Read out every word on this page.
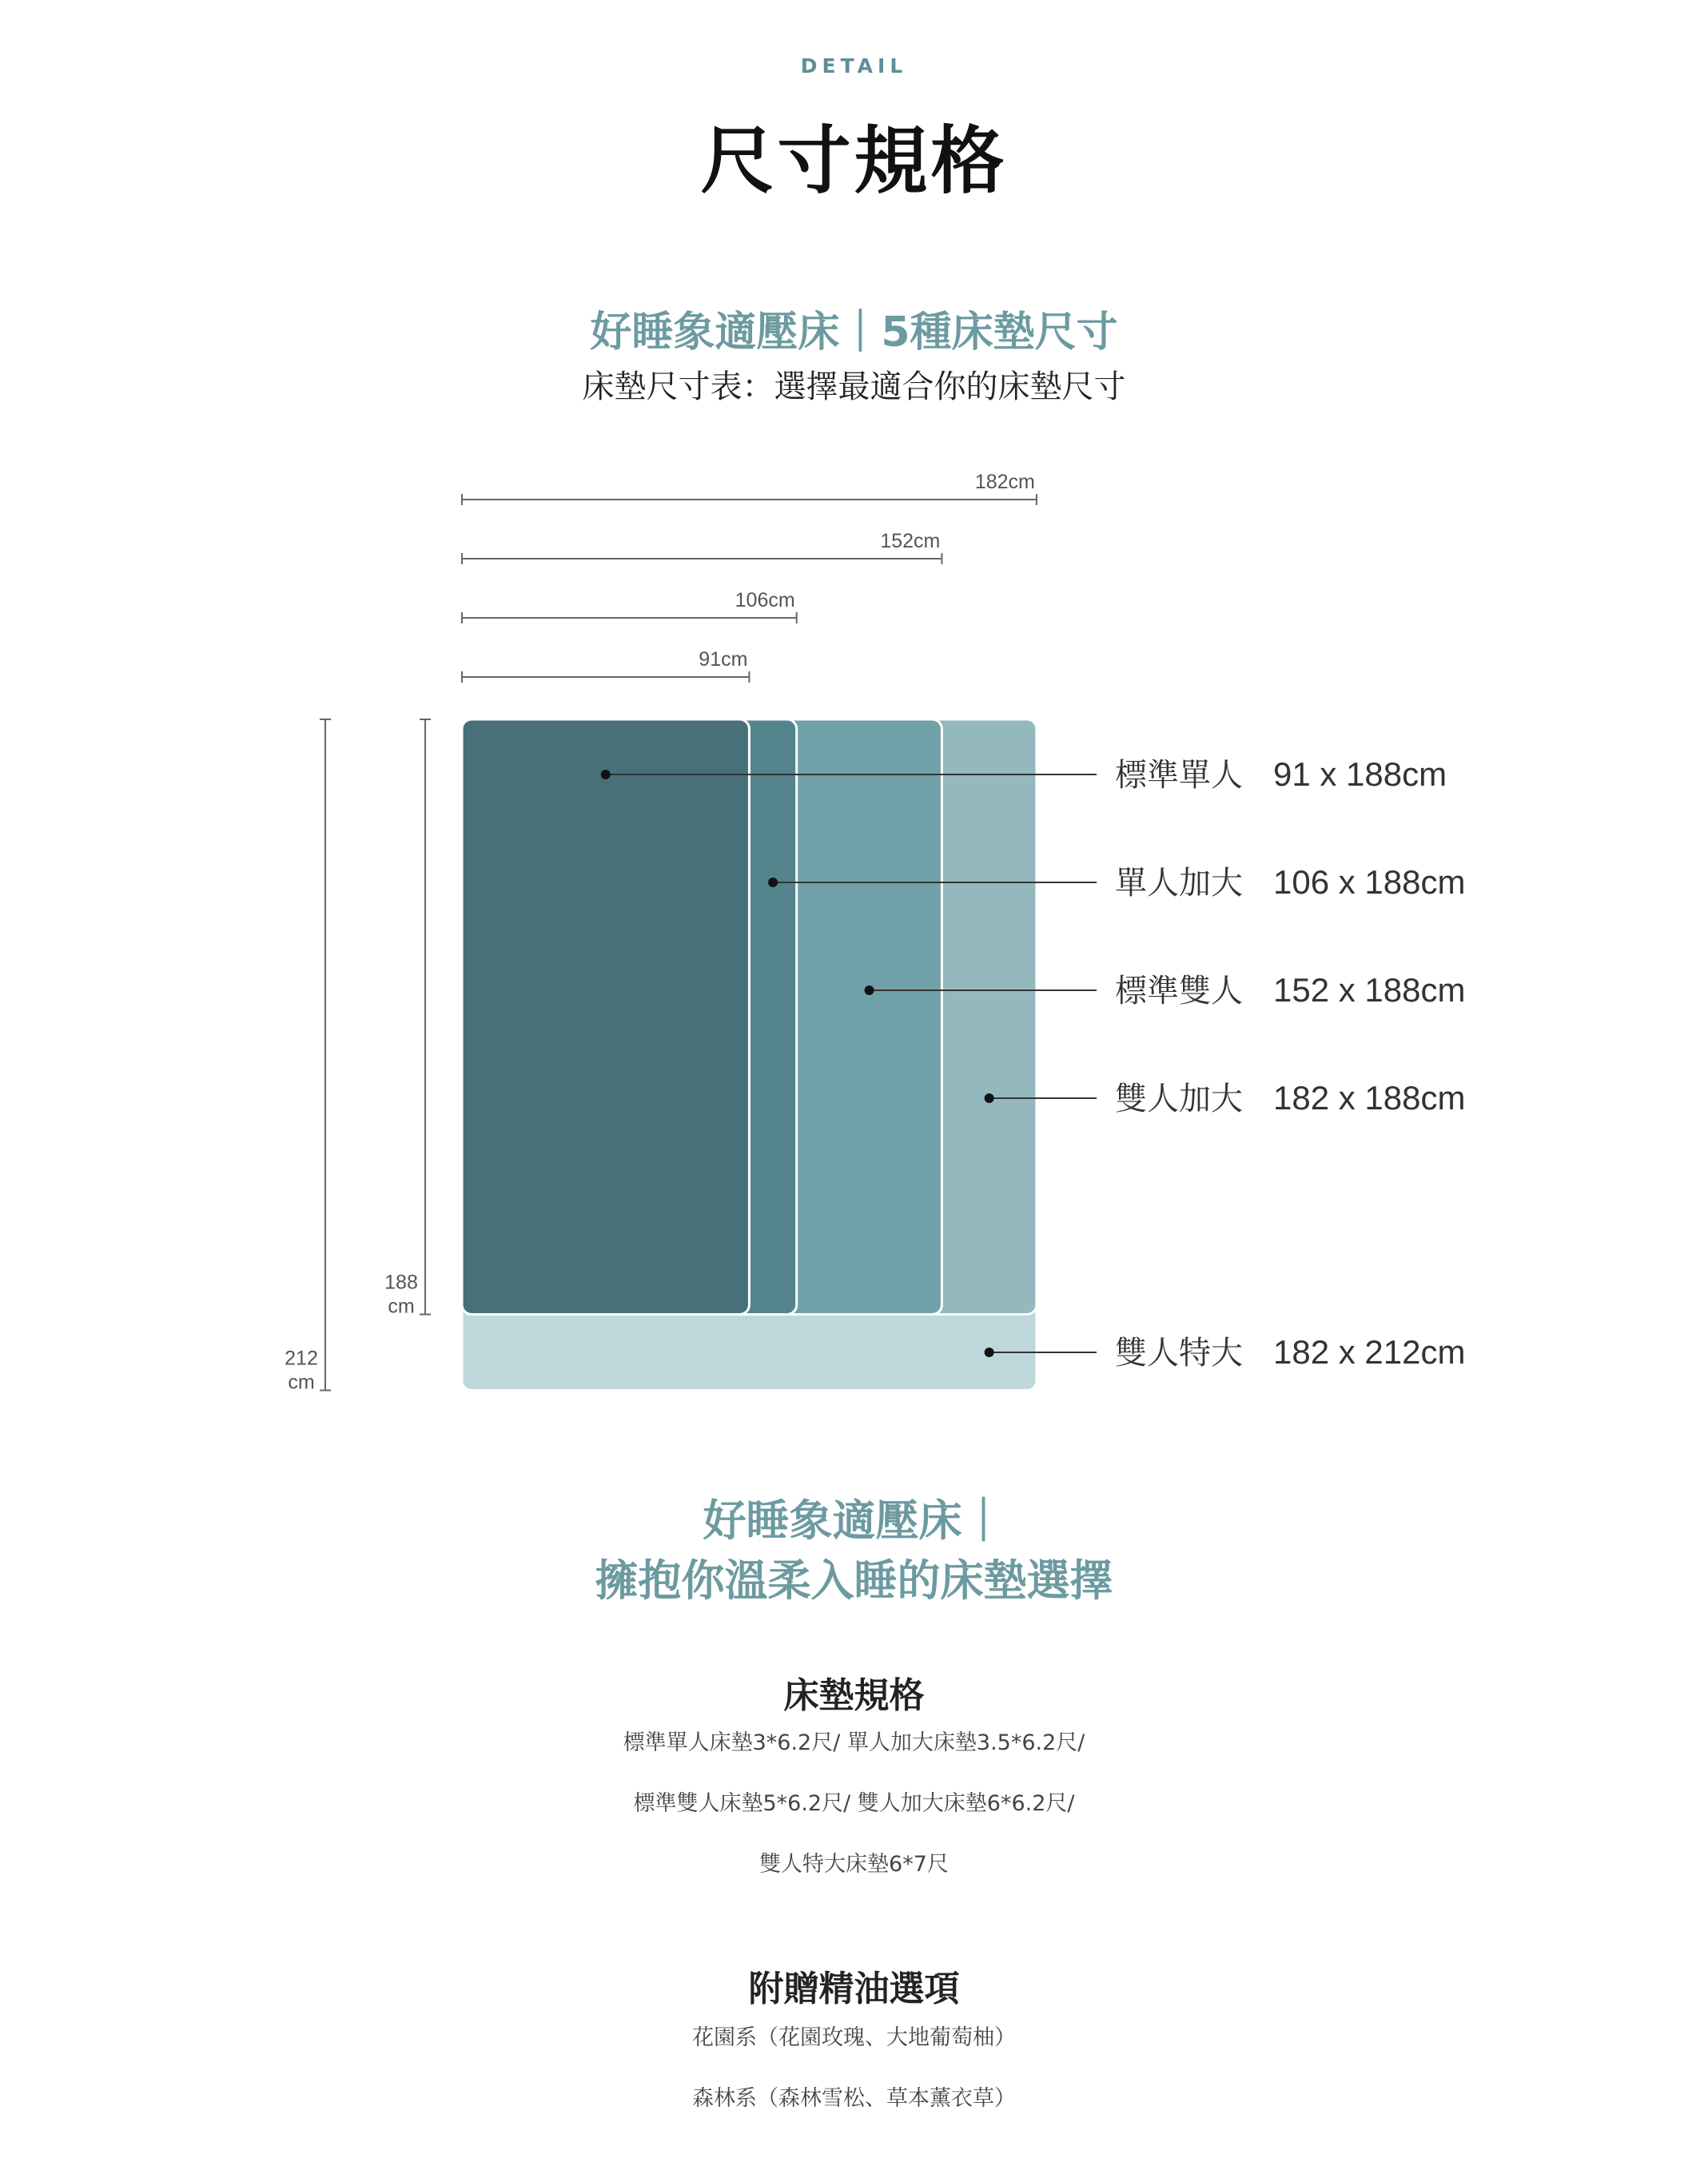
DETAIL
尺寸規格
好睡象適壓床｜5種床墊尺寸
床墊尺寸表：選擇最適合你的床墊尺寸
182cm
152cm
106cm
91cm
188
cm
212
cm
標準單人 91 x 188cm
單人加大 106 x 188cm
標準雙人 152 x 188cm
雙人加大 182 x 188cm
雙人特大 182 x 212cm
好睡象適壓床｜
擁抱你溫柔入睡的床墊選擇
床墊規格
標準單人床墊3*6.2尺/ 單人加大床墊3.5*6.2尺/
標準雙人床墊5*6.2尺/ 雙人加大床墊6*6.2尺/
雙人特大床墊6*7尺
附贈精油選項
花園系（花園玫瑰、大地葡萄柚）
森林系（森林雪松、草本薰衣草）
